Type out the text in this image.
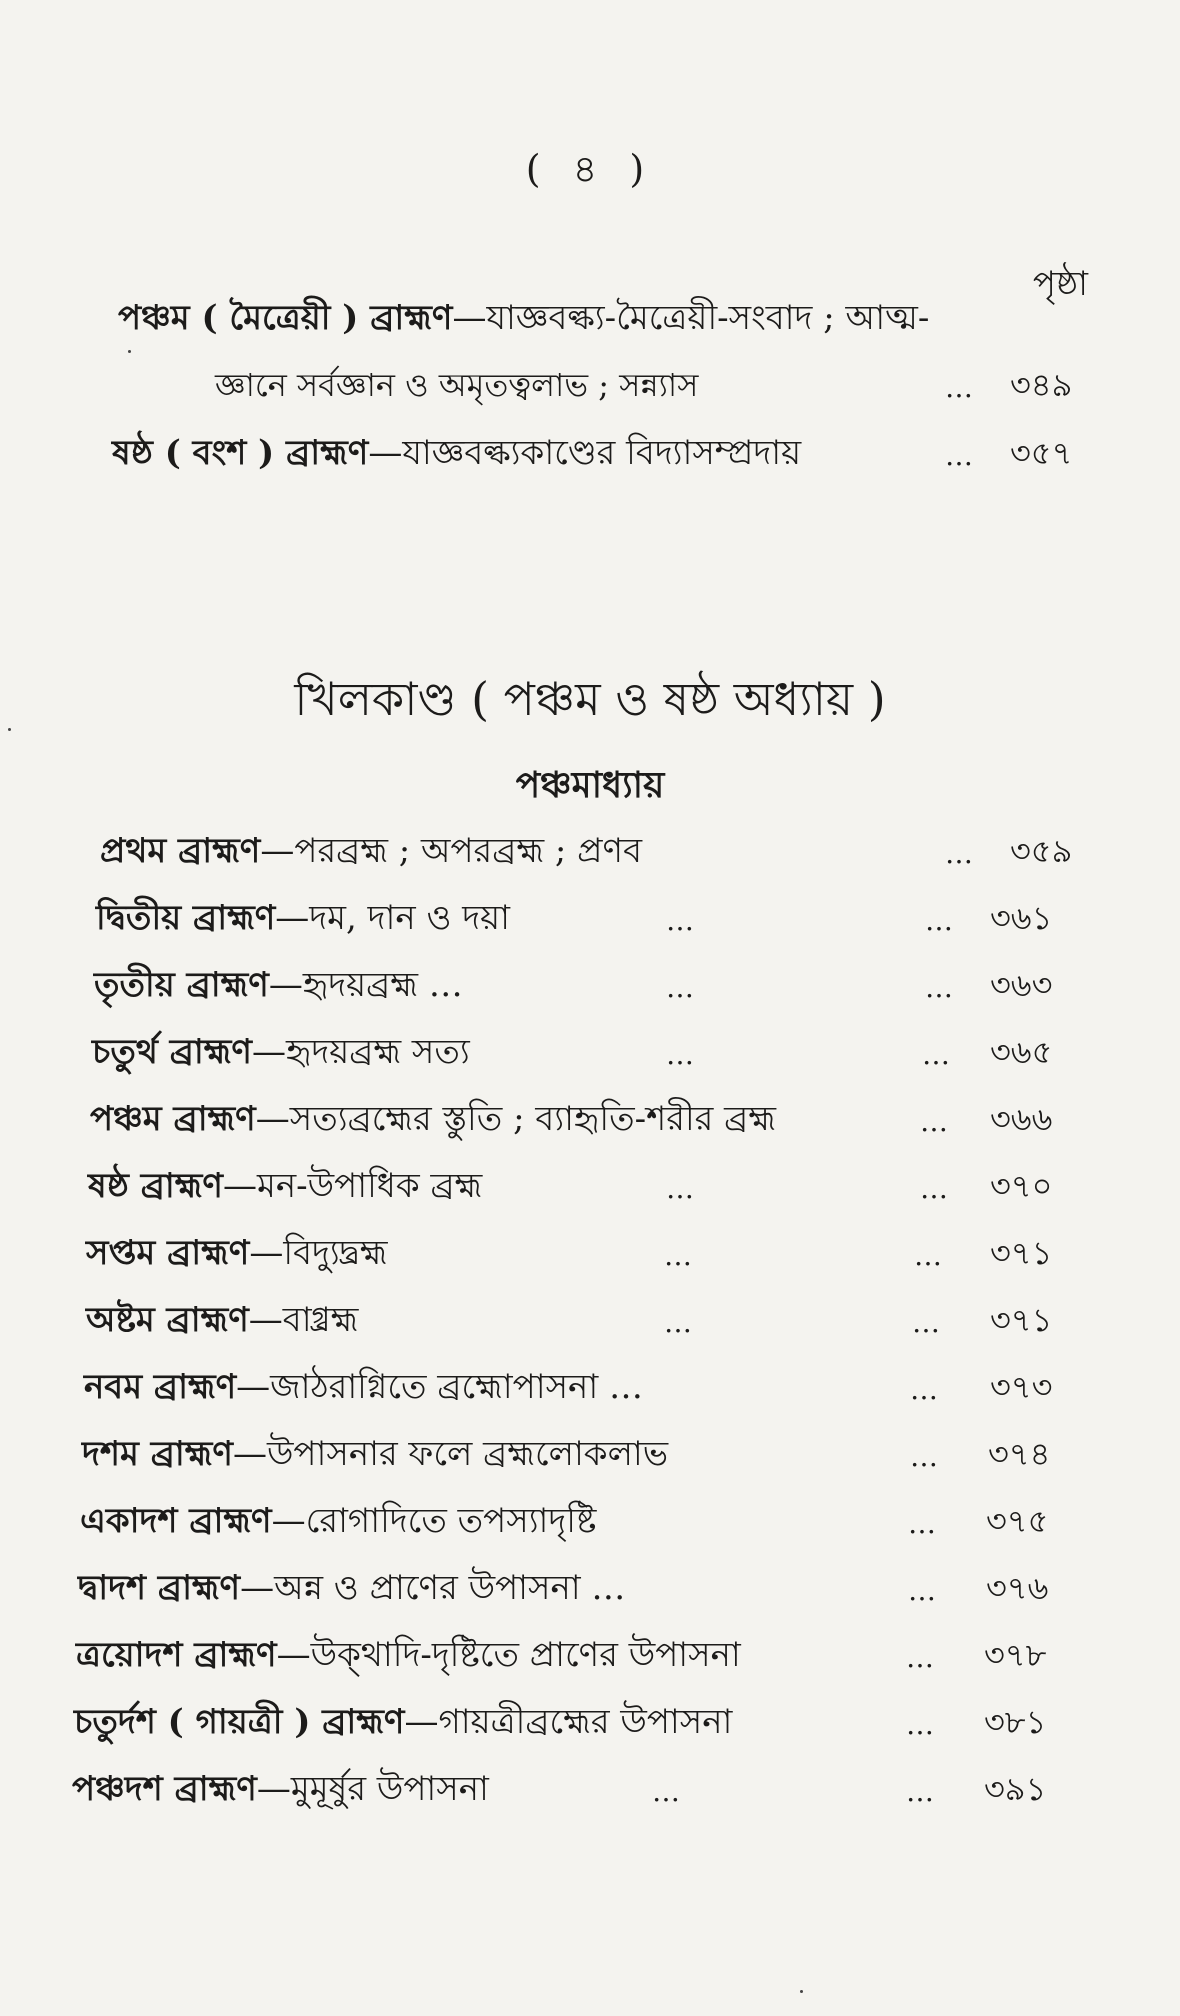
( ৪ )
পৃষ্ঠা
পঞ্চম ( মৈত্রেয়ী ) ব্রাহ্মণ —যাজ্ঞবল্ক্য-মৈত্রেয়ী-সংবাদ ; আত্ম-
জ্ঞানে সর্বজ্ঞান ও অমৃতত্বলাভ ; সন্ন্যাস	… ৩৪৯
ষষ্ঠ ( বংশ ) ব্রাহ্মণ —যাজ্ঞবল্ক্যকাণ্ডের বিদ্যাসম্প্রদায়	… ৩৫৭
খিলকাণ্ড ( পঞ্চম ও ষষ্ঠ অধ্যায় )
পঞ্চমাধ্যায়
প্রথম ব্রাহ্মণ —পরব্রহ্ম ; অপরব্রহ্ম ; প্রণব	… ৩৫৯
দ্বিতীয় ব্রাহ্মণ —দম, দান ও দয়া	…	… ৩৬১
তৃতীয় ব্রাহ্মণ —হৃদয়ব্রহ্ম …	…	… ৩৬৩
চতুর্থ ব্রাহ্মণ —হৃদয়ব্রহ্ম সত্য	…	… ৩৬৫
পঞ্চম ব্রাহ্মণ —সত্যব্রহ্মের স্তুতি ; ব্যাহৃতি-শরীর ব্রহ্ম	… ৩৬৬
ষষ্ঠ ব্রাহ্মণ —মন-উপাধিক ব্রহ্ম	…	… ৩৭০
সপ্তম ব্রাহ্মণ —বিদ্যুদ্ব্রহ্ম	…	… ৩৭১
অষ্টম ব্রাহ্মণ —বাগ্ব্রহ্ম	…	… ৩৭১
নবম ব্রাহ্মণ —জাঠরাগ্নিতে ব্রহ্মোপাসনা …	… ৩৭৩
দশম ব্রাহ্মণ —উপাসনার ফলে ব্রহ্মলোকলাভ	… ৩৭৪
একাদশ ব্রাহ্মণ —রোগাদিতে তপস্যাদৃষ্টি	… ৩৭৫
দ্বাদশ ব্রাহ্মণ —অন্ন ও প্রাণের উপাসনা …	… ৩৭৬
ত্রয়োদশ ব্রাহ্মণ —উক্থাদি-দৃষ্টিতে প্রাণের উপাসনা	… ৩৭৮
চতুর্দশ ( গায়ত্রী ) ব্রাহ্মণ —গায়ত্রীব্রহ্মের উপাসনা	… ৩৮১
পঞ্চদশ ব্রাহ্মণ —মুমূর্ষুর উপাসনা	…	… ৩৯১
